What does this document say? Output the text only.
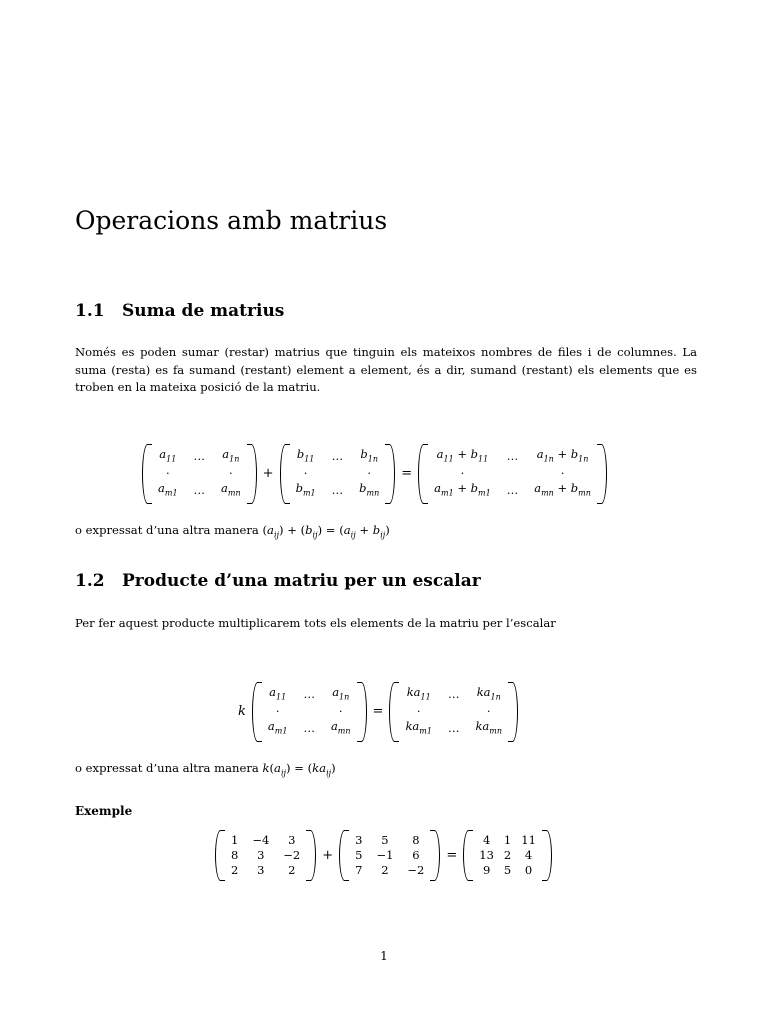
Operacions amb matrius
1.1 Suma de matrius
Només es poden sumar (restar) matrius que tinguin els mateixos nombres de files i de columnes. La suma (resta) es fa sumand (restant) element a element, és a dir, sumand (restant) els elements que es troben en la mateixa posició de la matriu.
$a_{11}$ … $a_{1n}$
·	·
$a_{m1}$ … $a_{mn}$
+
$b_{11}$ … $b_{1n}$
·	·
$b_{m1}$ … $b_{mn}$
=
$a_{11} + b_{11}$ … $a_{1n} + b_{1n}$
·	·
$a_{m1} + b_{m1}$ … $a_{mn} + b_{mn}$
o expressat d’una altra manera $(a_{ij}) + (b_{ij}) = (a_{ij} + b_{ij})$
1.2 Producte d’una matriu per un escalar
Per fer aquest producte multiplicarem tots els elements de la matriu per l’escalar
k
$a_{11}$ … $a_{1n}$
·	·
$a_{m1}$ … $a_{mn}$
=
$ka_{11}$ … $ka_{1n}$
·	·
$ka_{m1}$ … $ka_{mn}$
o expressat d’una altra manera $k(a_{ij}) = (ka_{ij})$
Exemple
1 −4	3
8	3	−2
2	3	2
+
3	5	8
5 −1	6
7	2	−2
=
4	1 11
13 2	4
9	5	0
1
